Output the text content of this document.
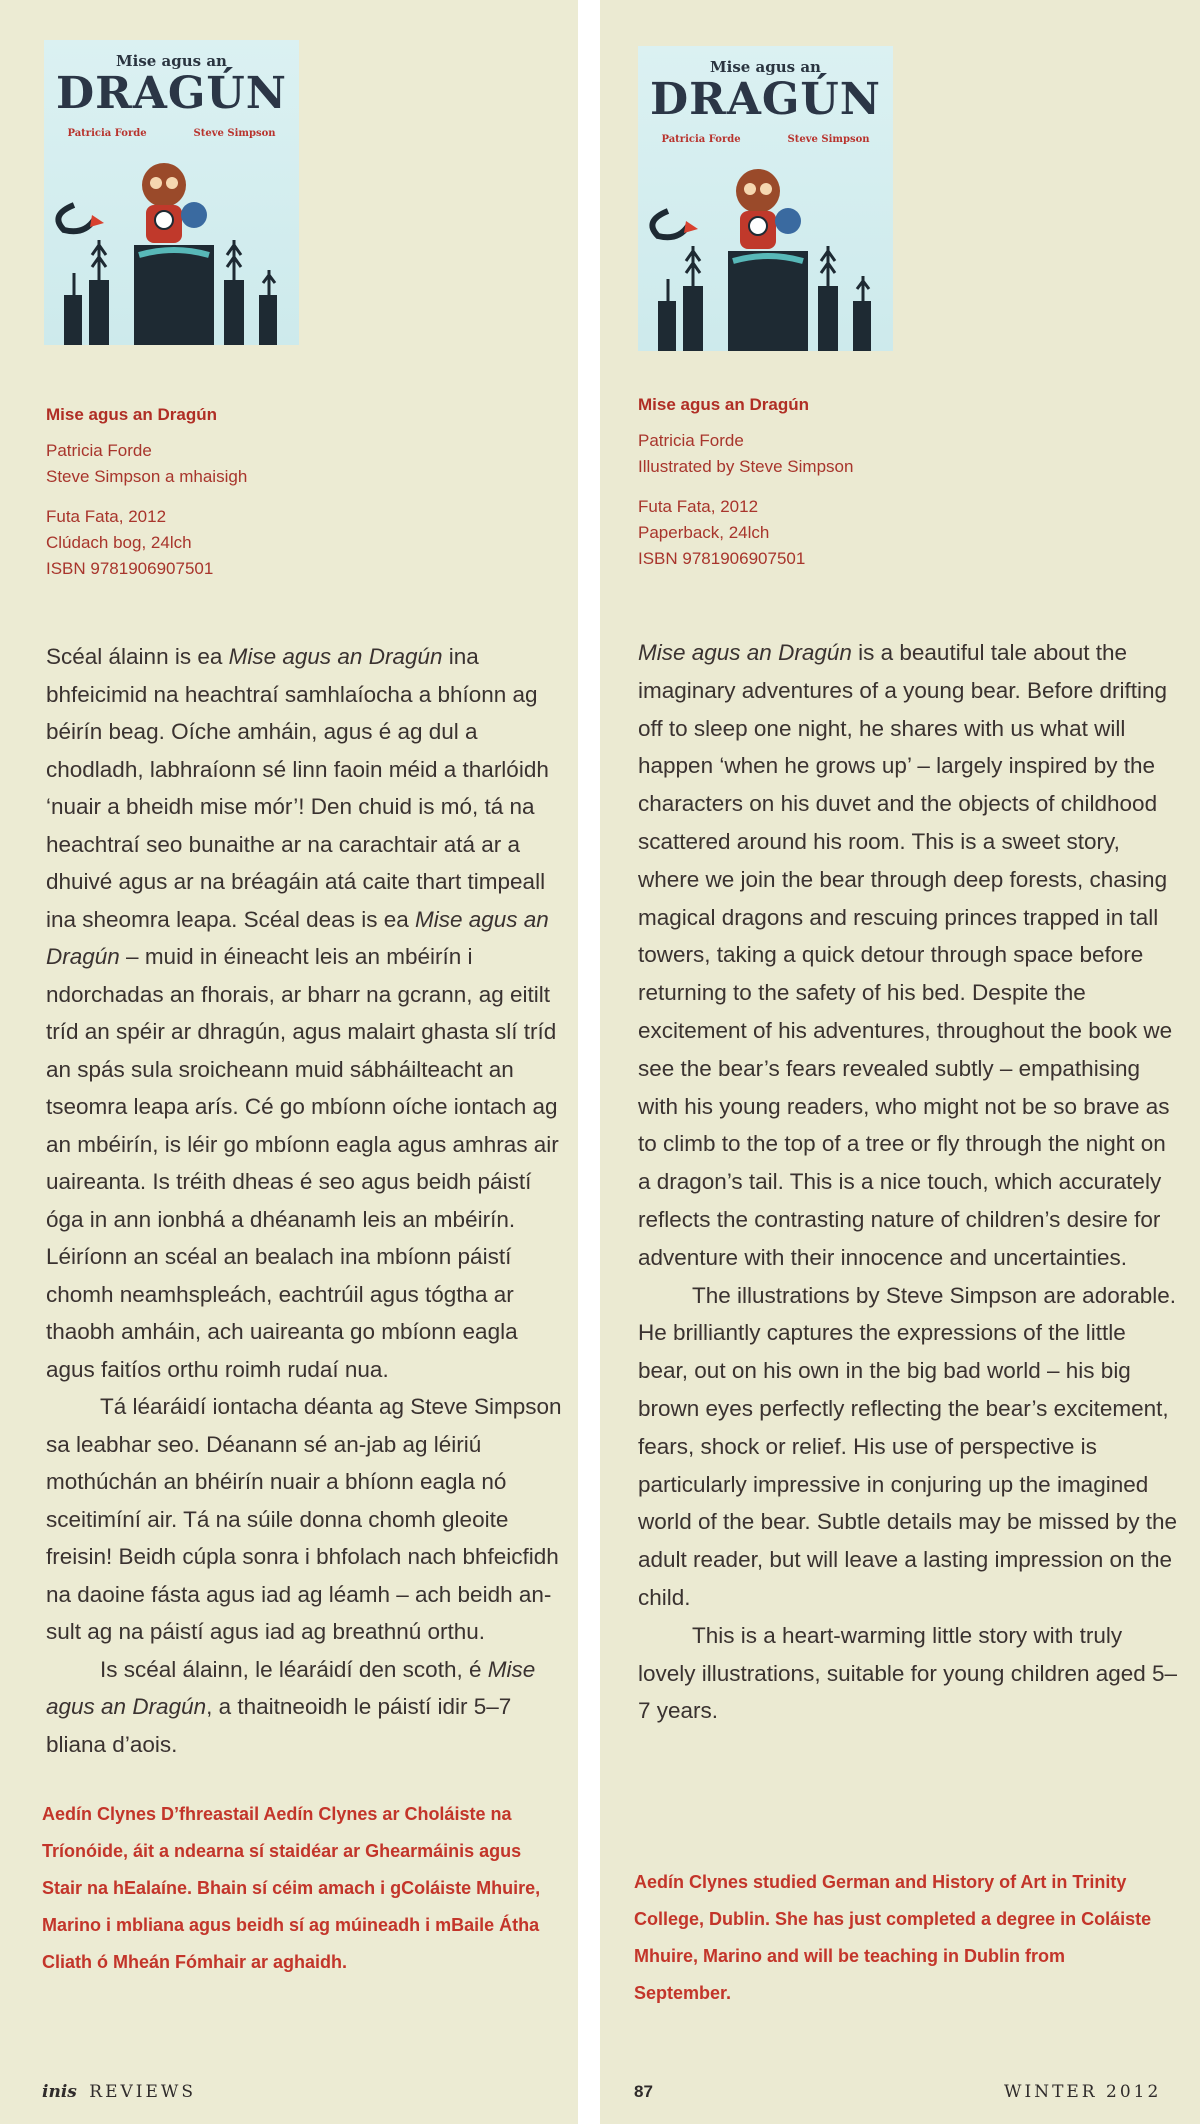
Mise agus an
DRAGÚN
Patricia Forde	Steve Simpson
Mise agus an Dragún
Patricia Forde
Steve Simpson a mhaisigh
Futa Fata, 2012
Clúdach bog, 24lch
ISBN 9781906907501

Scéal álainn is ea Mise agus an Dragún ina bhfeicimid na heachtraí samhlaíocha a bhíonn ag béirín beag. Oíche amháin, agus é ag dul a chodladh, labhraíonn sé linn faoin méid a tharlóidh ‘nuair a bheidh mise mór’! Den chuid is mó, tá na heachtraí seo bunaithe ar na carachtair atá ar a dhuivé agus ar na bréagáin atá caite thart timpeall ina sheomra leapa. Scéal deas is ea Mise agus an Dragún – muid in éineacht leis an mbéirín i ndorchadas an fhorais, ar bharr na gcrann, ag eitilt tríd an spéir ar dhragún, agus malairt ghasta slí tríd an spás sula sroicheann muid sábháilteacht an tseomra leapa arís. Cé go mbíonn oíche iontach ag an mbéirín, is léir go mbíonn eagla agus amhras air uaireanta. Is tréith dheas é seo agus beidh páistí óga in ann ionbhá a dhéanamh leis an mbéirín. Léiríonn an scéal an bealach ina mbíonn páistí chomh neamhspleách, eachtrúil agus tógtha ar thaobh amháin, ach uaireanta go mbíonn eagla agus faitíos orthu roimh rudaí nua.

Tá léaráidí iontacha déanta ag Steve Simpson sa leabhar seo. Déanann sé an-jab ag léiriú mothúchán an bhéirín nuair a bhíonn eagla nó sceitimíní air. Tá na súile donna chomh gleoite freisin! Beidh cúpla sonra i bhfolach nach bhfeicfidh na daoine fásta agus iad ag léamh – ach beidh an-sult ag na páistí agus iad ag breathnú orthu.

Is scéal álainn, le léaráidí den scoth, é Mise agus an Dragún, a thaitneoidh le páistí idir 5–7 bliana d’aois.

Aedín Clynes D’fhreastail Aedín Clynes ar Choláiste na Tríonóide, áit a ndearna sí staidéar ar Ghearmáinis agus Stair na hEalaíne. Bhain sí céim amach i gColáiste Mhuire, Marino i mbliana agus beidh sí ag múineadh i mBaile Átha Cliath ó Mheán Fómhair ar aghaidh.
inis REVIEWS
Mise agus an
DRAGÚN
Patricia Forde	Steve Simpson
Mise agus an Dragún
Patricia Forde
Illustrated by Steve Simpson
Futa Fata, 2012
Paperback, 24lch
ISBN 9781906907501

Mise agus an Dragún is a beautiful tale about the imaginary adventures of a young bear. Before drifting off to sleep one night, he shares with us what will happen ‘when he grows up’ – largely inspired by the characters on his duvet and the objects of childhood scattered around his room. This is a sweet story, where we join the bear through deep forests, chasing magical dragons and rescuing princes trapped in tall towers, taking a quick detour through space before returning to the safety of his bed. Despite the excitement of his adventures, throughout the book we see the bear’s fears revealed subtly – empathising with his young readers, who might not be so brave as to climb to the top of a tree or fly through the night on a dragon’s tail. This is a nice touch, which accurately reflects the contrasting nature of children’s desire for adventure with their innocence and uncertainties.

The illustrations by Steve Simpson are adorable. He brilliantly captures the expressions of the little bear, out on his own in the big bad world – his big brown eyes perfectly reflecting the bear’s excitement, fears, shock or relief. His use of perspective is particularly impressive in conjuring up the imagined world of the bear. Subtle details may be missed by the adult reader, but will leave a lasting impression on the child.

This is a heart-warming little story with truly lovely illustrations, suitable for young children aged 5–7 years.

Aedín Clynes studied German and History of Art in Trinity College, Dublin. She has just completed a degree in Coláiste Mhuire, Marino and will be teaching in Dublin from September.
87	WINTER 2012
